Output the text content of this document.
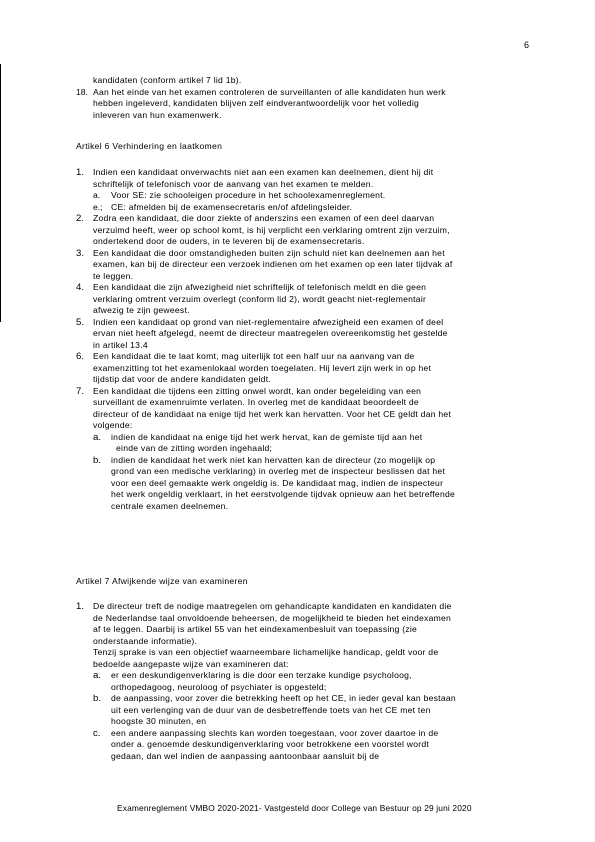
6
kandidaten (conform artikel 7 lid 1b).
18. Aan het einde van het examen controleren de surveillanten of alle kandidaten hun werk
hebben ingeleverd, kandidaten blijven zelf eindverantwoordelijk voor het volledig
inleveren van hun examenwerk.
Artikel 6 Verhindering en laatkomen
1.	Indien een kandidaat onverwachts niet aan een examen kan deelnemen, dient hij dit
schriftelijk of telefonisch voor de aanvang van het examen te melden.
a.	Voor SE: zie schooleigen procedure in het schoolexamenreglement.
e.; CE: afmelden bij de examensecretaris en/of afdelingsleider.
2.	Zodra een kandidaat, die door ziekte of anderszins een examen of een deel daarvan
verzuimd heeft, weer op school komt, is hij verplicht een verklaring omtrent zijn verzuim,
ondertekend door de ouders, in te leveren bij de examensecretaris.
3.	Een kandidaat die door omstandigheden buiten zijn schuld niet kan deelnemen aan het
examen, kan bij de directeur een verzoek indienen om het examen op een later tijdvak af
te leggen.
4.	Een kandidaat die zijn afwezigheid niet schriftelijk of telefonisch meldt en die geen
verklaring omtrent verzuim overlegt (conform lid 2), wordt geacht niet-reglementair
afwezig te zijn geweest.
5.	Indien een kandidaat op grond van niet-reglementaire afwezigheid een examen of deel
ervan niet heeft afgelegd, neemt de directeur maatregelen overeenkomstig het gestelde
in artikel 13.4
6.	Een kandidaat die te laat komt, mag uiterlijk tot een half uur na aanvang van de
examenzitting tot het examenlokaal worden toegelaten. Hij levert zijn werk in op het
tijdstip dat voor de andere kandidaten geldt.
7.	Een kandidaat die tijdens een zitting onwel wordt, kan onder begeleiding van een
surveillant de examenruimte verlaten. In overleg met de kandidaat beoordeelt de
directeur of de kandidaat na enige tijd het werk kan hervatten. Voor het CE geldt dan het
volgende:
a.	indien de kandidaat na enige tijd het werk hervat, kan de gemiste tijd aan het
einde van de zitting worden ingehaald;
b.	indien de kandidaat het werk niet kan hervatten kan de directeur (zo mogelijk op
grond van een medische verklaring) in overleg met de inspecteur beslissen dat het
voor een deel gemaakte werk ongeldig is. De kandidaat mag, indien de inspecteur
het werk ongeldig verklaart, in het eerstvolgende tijdvak opnieuw aan het betreffende
centrale examen deelnemen.
Artikel 7 Afwijkende wijze van examineren
1.	De directeur treft de nodige maatregelen om gehandicapte kandidaten en kandidaten die
de Nederlandse taal onvoldoende beheersen, de mogelijkheid te bieden het eindexamen
af te leggen. Daarbij is artikel 55 van het eindexamenbesluit van toepassing (zie
onderstaande informatie).
Tenzij sprake is van een objectief waarneembare lichamelijke handicap, geldt voor de
bedoelde aangepaste wijze van examineren dat:
a.	er een deskundigenverklaring is die door een terzake kundige psycholoog,
orthopedagoog, neuroloog of psychiater is opgesteld;
b.	de aanpassing, voor zover die betrekking heeft op het CE, in ieder geval kan bestaan
uit een verlenging van de duur van de desbetreffende toets van het CE met ten
hoogste 30 minuten, en
c.	een andere aanpassing slechts kan worden toegestaan, voor zover daartoe in de
onder a. genoemde deskundigenverklaring voor betrokkene een voorstel wordt
gedaan, dan wel indien de aanpassing aantoonbaar aansluit bij de
Examenreglement VMBO 2020-2021- Vastgesteld door College van Bestuur op 29 juni 2020
